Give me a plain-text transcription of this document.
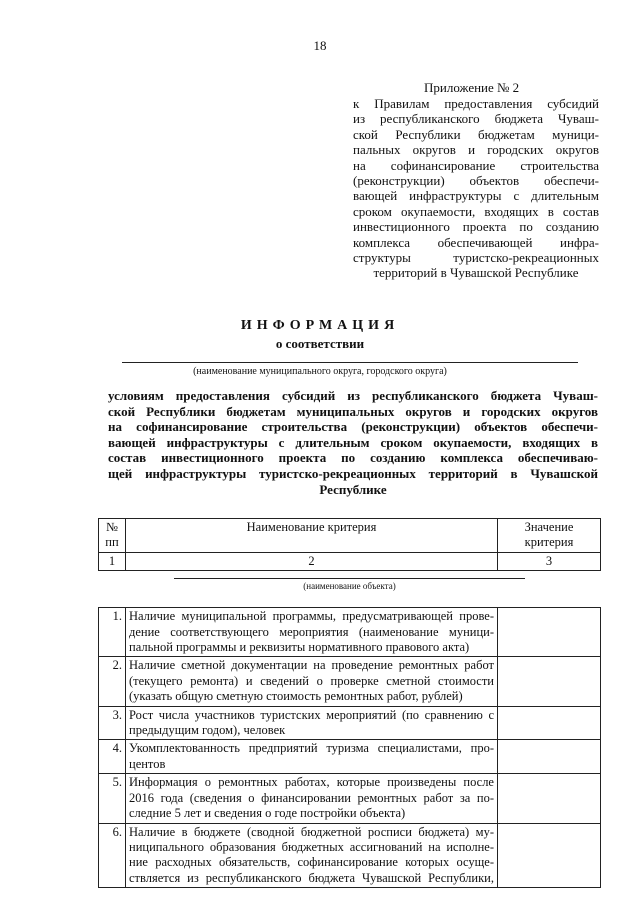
18
Приложение № 2
к Правилам предоставления субсидий
из республиканского бюджета Чуваш-
ской Республики бюджетам муници-
пальных округов и городских округов
на софинансирование строительства
(реконструкции) объектов обеспечи-
вающей инфраструктуры с длительным
сроком окупаемости, входящих в состав
инвестиционного проекта по созданию
комплекса обеспечивающей инфра-
структуры туристско-рекреационных
территорий в Чувашской Республике
ИНФОРМАЦИЯ
о соответствии
(наименование муниципального округа, городского округа)
условиям предоставления субсидий из республиканского бюджета Чуваш-
ской Республики бюджетам муниципальных округов и городских округов
на софинансирование строительства (реконструкции) объектов обеспечи-
вающей инфраструктуры с длительным сроком окупаемости, входящих в
состав инвестиционного проекта по созданию комплекса обеспечиваю-
щей инфраструктуры туристско-рекреационных территорий в Чувашской
Республике
№ пп	Наименование критерия	Значение критерия
1	2	3

1.	Наличие муниципальной программы, предусматривающей прове-
дение соответствующего мероприятия (наименование муници-
пальной программы и реквизиты нормативного правового акта)	

2.	Наличие сметной документации на проведение ремонтных работ
(текущего ремонта) и сведений о проверке сметной стоимости
(указать общую сметную стоимость ремонтных работ, рублей)	

3.	Рост числа участников туристских мероприятий (по сравнению с
предыдущим годом), человек	

4.	Укомплектованность предприятий туризма специалистами, про-
центов	

5.	Информация о ремонтных работах, которые произведены после
2016 года (сведения о финансировании ремонтных работ за по-
следние 5 лет и сведения о годе постройки объекта)	

6.	Наличие в бюджете (сводной бюджетной росписи бюджета) му-
ниципального образования бюджетных ассигнований на исполне-
ние расходных обязательств, софинансирование которых осуще-
ствляется из республиканского бюджета Чувашской Республики,	

(наименование объекта)
